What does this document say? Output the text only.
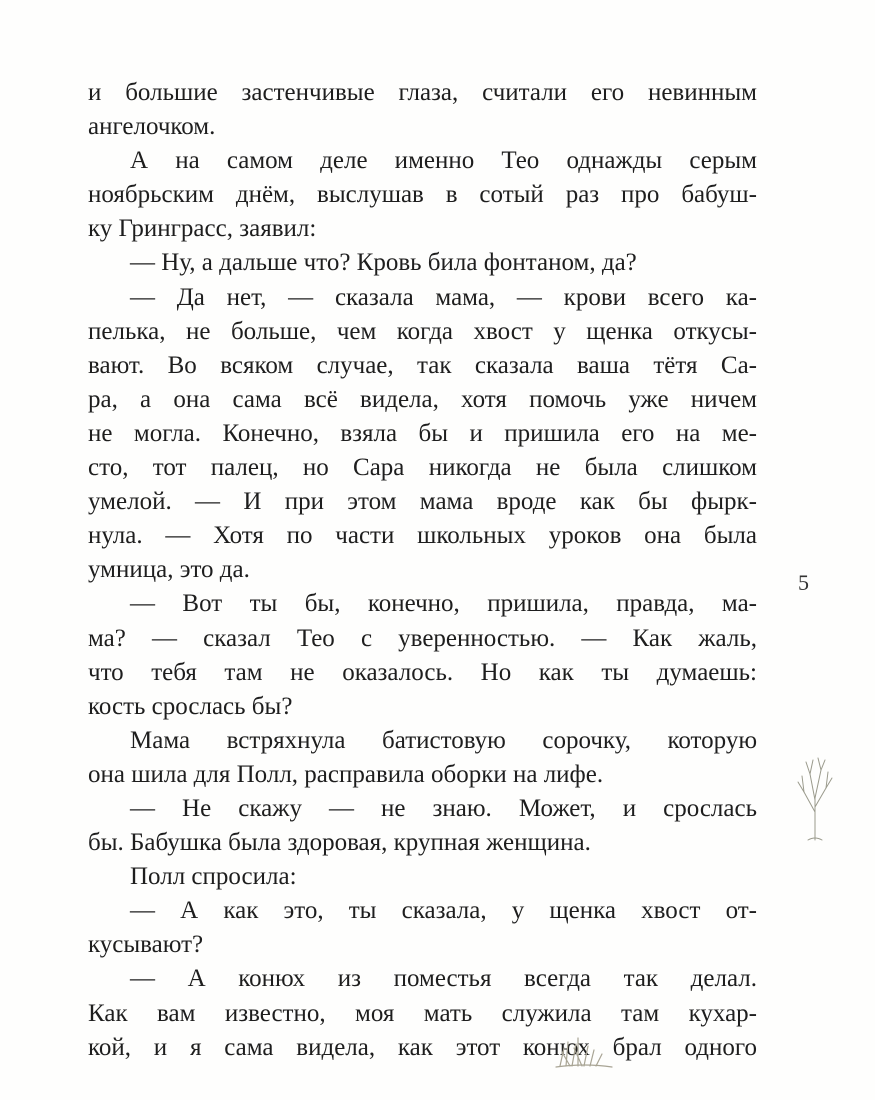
и большие застенчивые глаза, считали его невинным
ангелочком.
А на самом деле именно Тео однажды серым
ноябрьским днём, выслушав в сотый раз про бабуш-
ку Гринграсс, заявил:
— Ну, а дальше что? Кровь била фонтаном, да?
— Да нет, — сказала мама, — крови всего ка-
пелька, не больше, чем когда хвост у щенка откусы-
вают. Во всяком случае, так сказала ваша тётя Са-
ра, а она сама всё видела, хотя помочь уже ничем
не могла. Конечно, взяла бы и пришила его на ме-
сто, тот палец, но Сара никогда не была слишком
умелой. — И при этом мама вроде как бы фырк-
нула. — Хотя по части школьных уроков она была
умница, это да.
— Вот ты бы, конечно, пришила, правда, ма-
ма? — сказал Тео с уверенностью. — Как жаль,
что тебя там не оказалось. Но как ты думаешь:
кость срослась бы?
Мама встряхнула батистовую сорочку, которую
она шила для Полл, расправила оборки на лифе.
— Не скажу — не знаю. Может, и срослась
бы. Бабушка была здоровая, крупная женщина.
Полл спросила:
— А как это, ты сказала, у щенка хвост от-
кусывают?
— А конюх из поместья всегда так делал.
Как вам известно, моя мать служила там кухар-
кой, и я сама видела, как этот конюх брал одного
5
